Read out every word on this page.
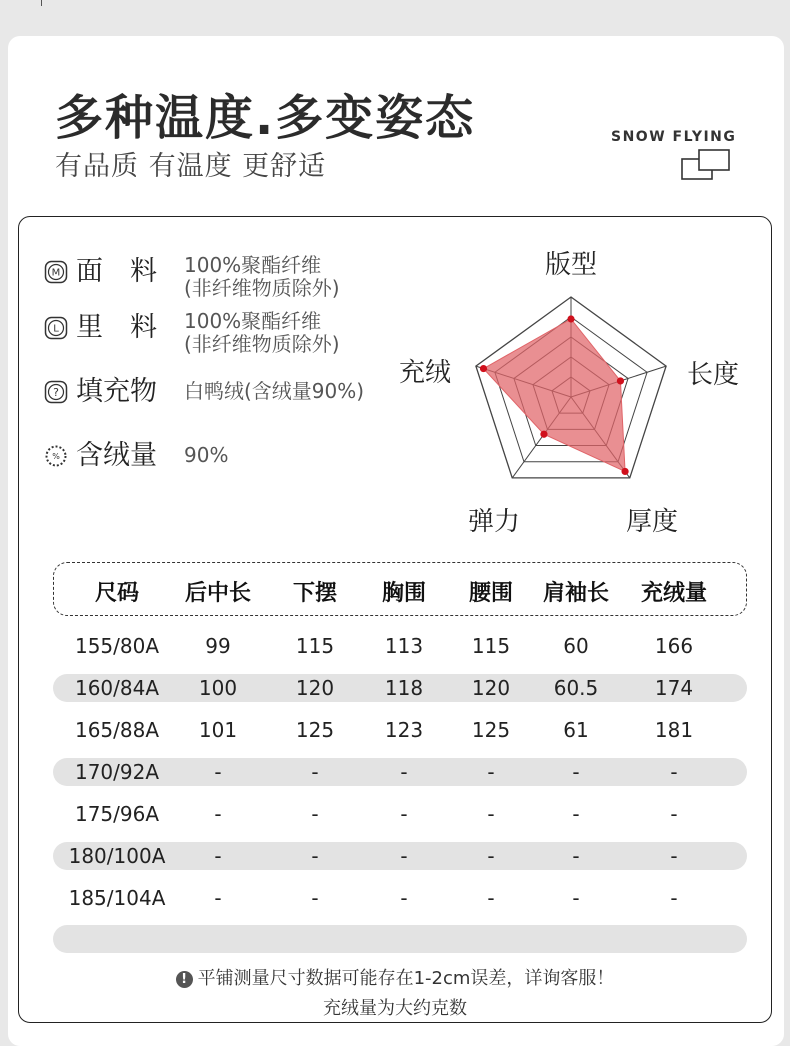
多种温度.多变姿态
有品质 有温度 更舒适
SNOW FLYING
M 面　料 100%聚酯纤维
(非纤维物质除外)
L 里　料 100%聚酯纤维
(非纤维物质除外)
? 填充物 白鸭绒(含绒量90%)
% 含绒量 90%
版型
长度
厚度
弹力
充绒
尺码 后中长 下摆 胸围 腰围 肩袖长 充绒量
155/80A 99	115	113 115	60	166
160/84A 100	120	118 120 60.5	174
165/88A 101	125	123 125	61	181
170/92A	-	-	-	-	-	-
175/96A	-	-	-	-	-	-
180/100A -	-	-	-	-	-
185/104A -	-	-	-	-	-
! 平铺测量尺寸数据可能存在1-2cm误差，详询客服！
充绒量为大约克数
